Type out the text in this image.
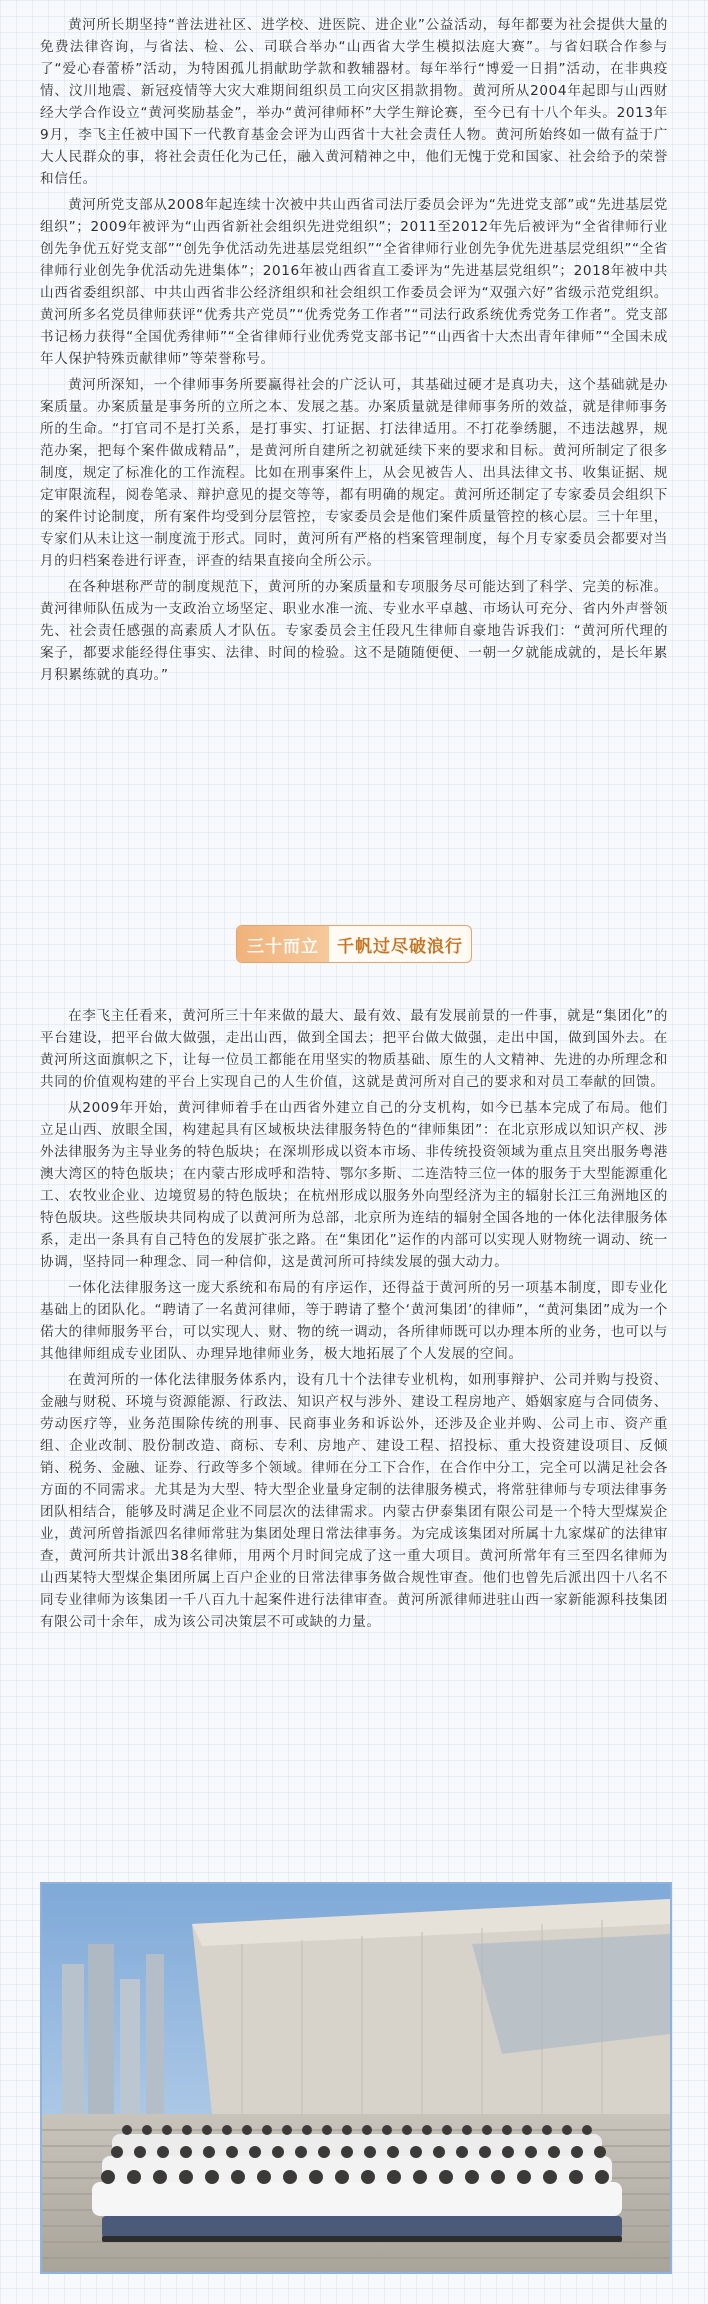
黄河所长期坚持“普法进社区、进学校、进医院、进企业”公益活动，每年都要为社会提供大量的免费法律咨询，与省法、检、公、司联合举办“山西省大学生模拟法庭大赛”。与省妇联合作参与了“爱心春蕾桥”活动，为特困孤儿捐献助学款和教辅器材。每年举行“博爱一日捐”活动，在非典疫情、汶川地震、新冠疫情等大灾大难期间组织员工向灾区捐款捐物。黄河所从2004年起即与山西财经大学合作设立“黄河奖励基金”，举办“黄河律师杯”大学生辩论赛，至今已有十八个年头。2013年9月，李飞主任被中国下一代教育基金会评为山西省十大社会责任人物。黄河所始终如一做有益于广大人民群众的事，将社会责任化为己任，融入黄河精神之中，他们无愧于党和国家、社会给予的荣誉和信任。

黄河所党支部从2008年起连续十次被中共山西省司法厅委员会评为“先进党支部”或“先进基层党组织”；2009年被评为“山西省新社会组织先进党组织”；2011至2012年先后被评为“全省律师行业创先争优五好党支部”“创先争优活动先进基层党组织”“全省律师行业创先争优先进基层党组织”“全省律师行业创先争优活动先进集体”；2016年被山西省直工委评为“先进基层党组织”；2018年被中共山西省委组织部、中共山西省非公经济组织和社会组织工作委员会评为“双强六好”省级示范党组织。黄河所多名党员律师获评“优秀共产党员”“优秀党务工作者”“司法行政系统优秀党务工作者”。党支部书记杨力获得“全国优秀律师”“全省律师行业优秀党支部书记”“山西省十大杰出青年律师”“全国未成年人保护特殊贡献律师”等荣誉称号。

黄河所深知，一个律师事务所要赢得社会的广泛认可，其基础过硬才是真功夫，这个基础就是办案质量。办案质量是事务所的立所之本、发展之基。办案质量就是律师事务所的效益，就是律师事务所的生命。“打官司不是打关系，是打事实、打证据、打法律适用。不打花拳绣腿，不违法越界，规范办案，把每个案件做成精品”，是黄河所自建所之初就延续下来的要求和目标。黄河所制定了很多制度，规定了标准化的工作流程。比如在刑事案件上，从会见被告人、出具法律文书、收集证据、规定审限流程，阅卷笔录、辩护意见的提交等等，都有明确的规定。黄河所还制定了专家委员会组织下的案件讨论制度，所有案件均受到分层管控，专家委员会是他们案件质量管控的核心层。三十年里，专家们从未让这一制度流于形式。同时，黄河所有严格的档案管理制度，每个月专家委员会都要对当月的归档案卷进行评查，评查的结果直接向全所公示。

在各种堪称严苛的制度规范下，黄河所的办案质量和专项服务尽可能达到了科学、完美的标准。黄河律师队伍成为一支政治立场坚定、职业水准一流、专业水平卓越、市场认可充分、省内外声誉领先、社会责任感强的高素质人才队伍。专家委员会主任段凡生律师自豪地告诉我们：“黄河所代理的案子，都要求能经得住事实、法律、时间的检验。这不是随随便便、一朝一夕就能成就的，是长年累月积累练就的真功。”

三十而立	千帆过尽破浪行

在李飞主任看来，黄河所三十年来做的最大、最有效、最有发展前景的一件事，就是“集团化”的平台建设，把平台做大做强，走出山西，做到全国去；把平台做大做强，走出中国，做到国外去。在黄河所这面旗帜之下，让每一位员工都能在用坚实的物质基础、原生的人文精神、先进的办所理念和共同的价值观构建的平台上实现自己的人生价值，这就是黄河所对自己的要求和对员工奉献的回馈。

从2009年开始，黄河律师着手在山西省外建立自己的分支机构，如今已基本完成了布局。他们立足山西、放眼全国，构建起具有区域板块法律服务特色的“律师集团”：在北京形成以知识产权、涉外法律服务为主导业务的特色版块；在深圳形成以资本市场、非传统投资领域为重点且突出服务粤港澳大湾区的特色版块；在内蒙古形成呼和浩特、鄂尔多斯、二连浩特三位一体的服务于大型能源重化工、农牧业企业、边境贸易的特色版块；在杭州形成以服务外向型经济为主的辐射长江三角洲地区的特色版块。这些版块共同构成了以黄河所为总部，北京所为连结的辐射全国各地的一体化法律服务体系，走出一条具有自己特色的发展扩张之路。在“集团化”运作的内部可以实现人财物统一调动、统一协调，坚持同一种理念、同一种信仰，这是黄河所可持续发展的强大动力。

一体化法律服务这一庞大系统和布局的有序运作，还得益于黄河所的另一项基本制度，即专业化基础上的团队化。“聘请了一名黄河律师，等于聘请了整个‘黄河集团’的律师”，“黄河集团”成为一个偌大的律师服务平台，可以实现人、财、物的统一调动，各所律师既可以办理本所的业务，也可以与其他律师组成专业团队、办理异地律师业务，极大地拓展了个人发展的空间。

在黄河所的一体化法律服务体系内，设有几十个法律专业机构，如刑事辩护、公司并购与投资、金融与财税、环境与资源能源、行政法、知识产权与涉外、建设工程房地产、婚姻家庭与合同债务、劳动医疗等，业务范围除传统的刑事、民商事业务和诉讼外，还涉及企业并购、公司上市、资产重组、企业改制、股份制改造、商标、专利、房地产、建设工程、招投标、重大投资建设项目、反倾销、税务、金融、证券、行政等多个领域。律师在分工下合作，在合作中分工，完全可以满足社会各方面的不同需求。尤其是为大型、特大型企业量身定制的法律服务模式，将常驻律师与专项法律事务团队相结合，能够及时满足企业不同层次的法律需求。内蒙古伊泰集团有限公司是一个特大型煤炭企业，黄河所曾指派四名律师常驻为集团处理日常法律事务。为完成该集团对所属十九家煤矿的法律审查，黄河所共计派出38名律师，用两个月时间完成了这一重大项目。黄河所常年有三至四名律师为山西某特大型煤企集团所属上百户企业的日常法律事务做合规性审查。他们也曾先后派出四十八名不同专业律师为该集团一千八百九十起案件进行法律审查。黄河所派律师进驻山西一家新能源科技集团有限公司十余年，成为该公司决策层不可或缺的力量。
